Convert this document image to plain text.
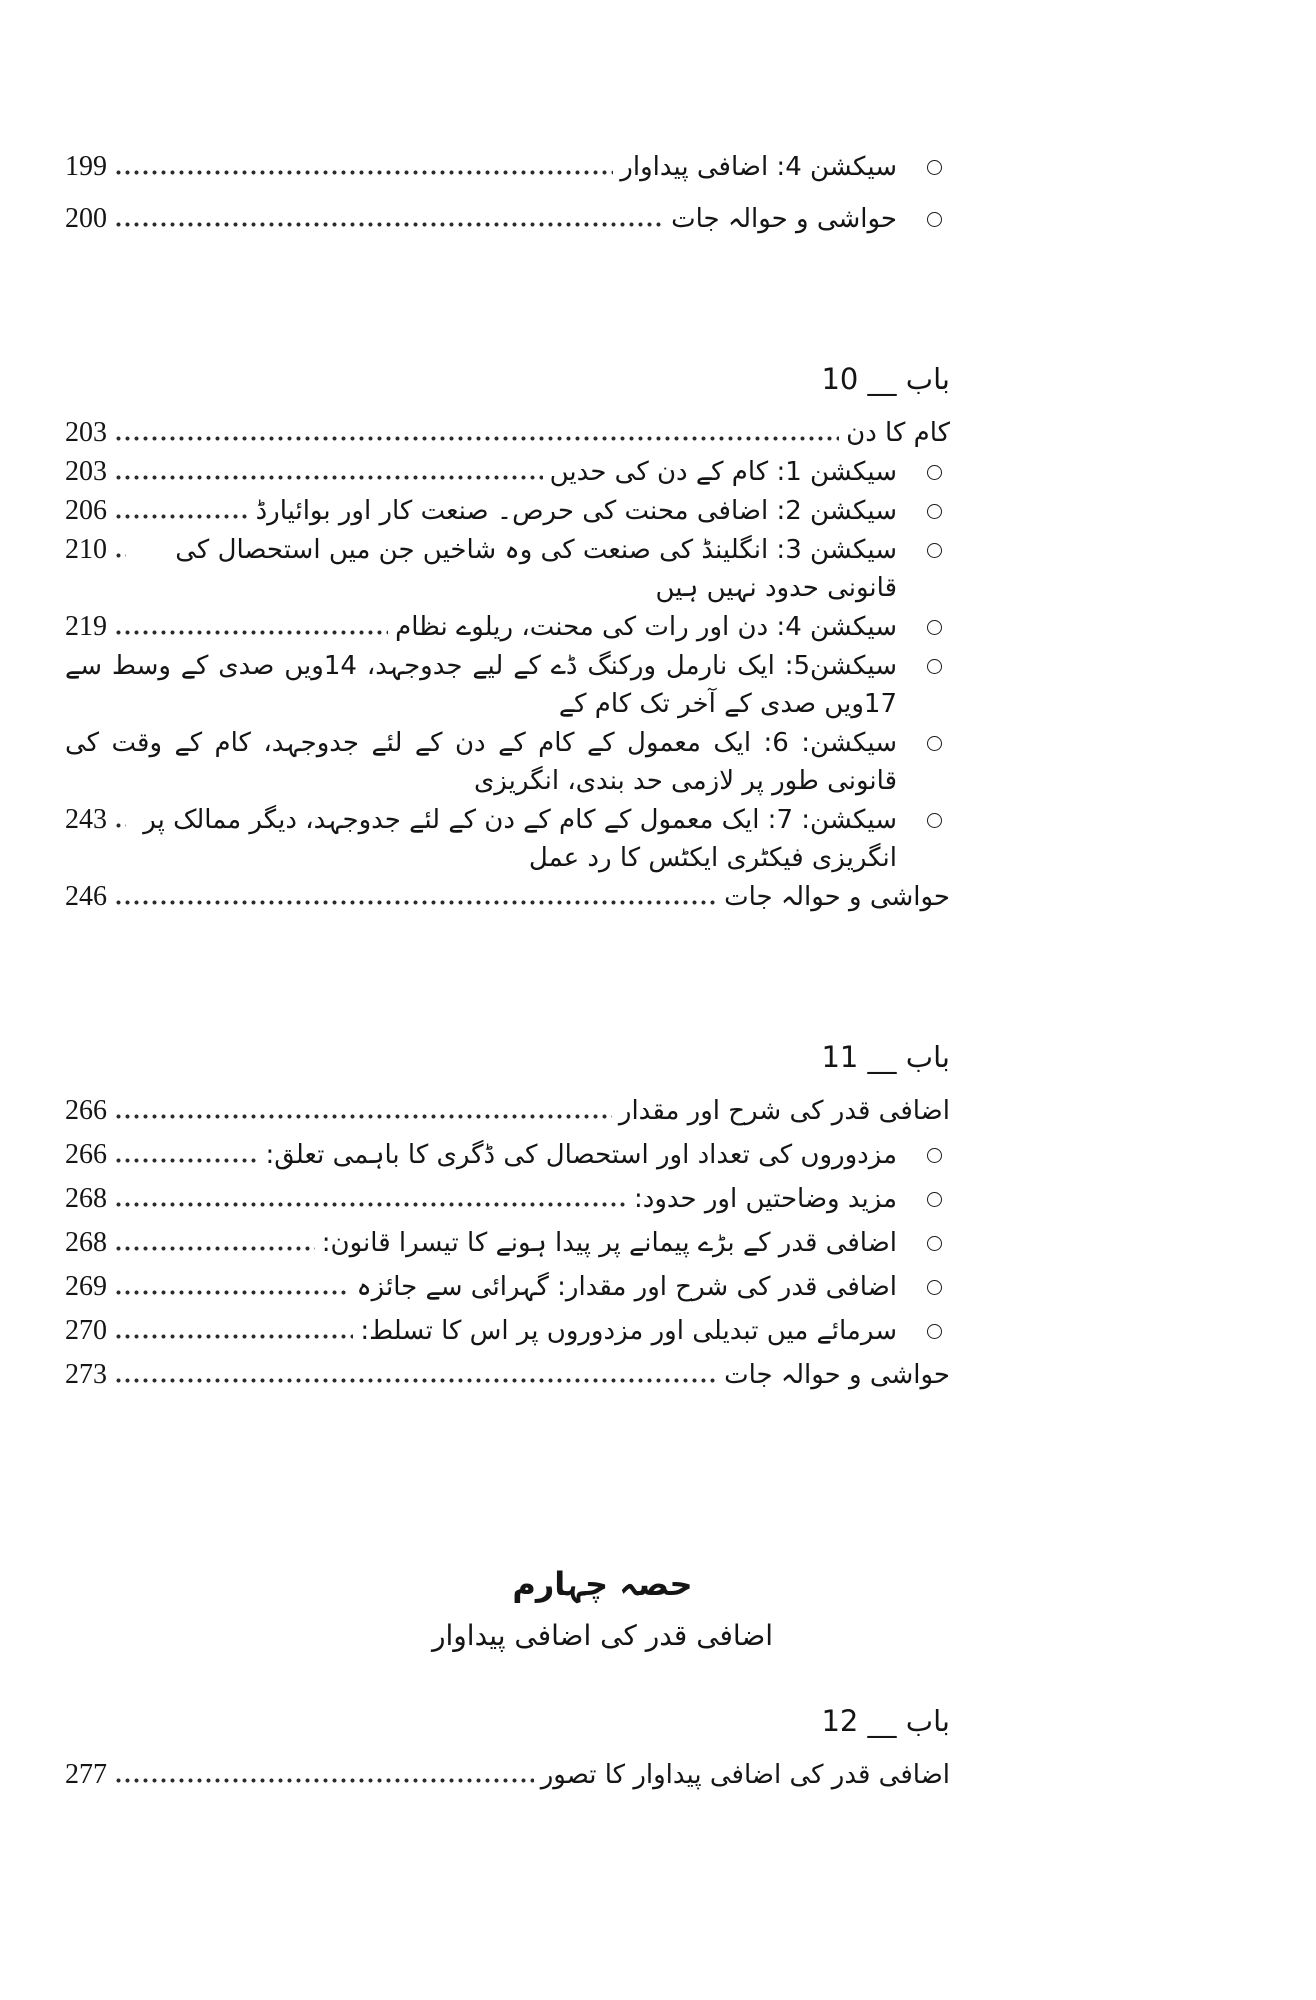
سیکشن 4: اضافی پیداوار
199
حواشی و حوالہ جات
200
باب __ 10
کام کا دن
203
سیکشن 1: کام کے دن کی حدیں
203
سیکشن 2: اضافی محنت کی حرص۔ صنعت کار اور بوائیارڈ
206
سیکشن 3: انگلینڈ کی صنعت کی وہ شاخیں جن میں استحصال کی قانونی حدود نہیں ہیں
210
سیکشن 4: دن اور رات کی محنت، ریلوے نظام
219
سیکشن5: ایک نارمل ورکنگ ڈے کے لیے جدوجہد، 14ویں صدی کے وسط سے 17ویں صدی کے آخر تک کام کے
سیکشن: 6: ایک معمول کے کام کے دن کے لئے جدوجہد، کام کے وقت کی قانونی طور پر لازمی حد بندی، انگریزی
سیکشن: 7: ایک معمول کے کام کے دن کے لئے جدوجہد، دیگر ممالک پر انگریزی فیکٹری ایکٹس کا رد عمل
243
حواشی و حوالہ جات
246
باب __ 11
اضافی قدر کی شرح اور مقدار
266
مزدوروں کی تعداد اور استحصال کی ڈگری کا باہمی تعلق:
266
مزید وضاحتیں اور حدود:
268
اضافی قدر کے بڑے پیمانے پر پیدا ہونے کا تیسرا قانون:
268
اضافی قدر کی شرح اور مقدار: گہرائی سے جائزہ
269
سرمائے میں تبدیلی اور مزدوروں پر اس کا تسلط:
270
حواشی و حوالہ جات
273
حصہ چہارم
اضافی قدر کی اضافی پیداوار
باب __ 12
اضافی قدر کی اضافی پیداوار کا تصور
277
